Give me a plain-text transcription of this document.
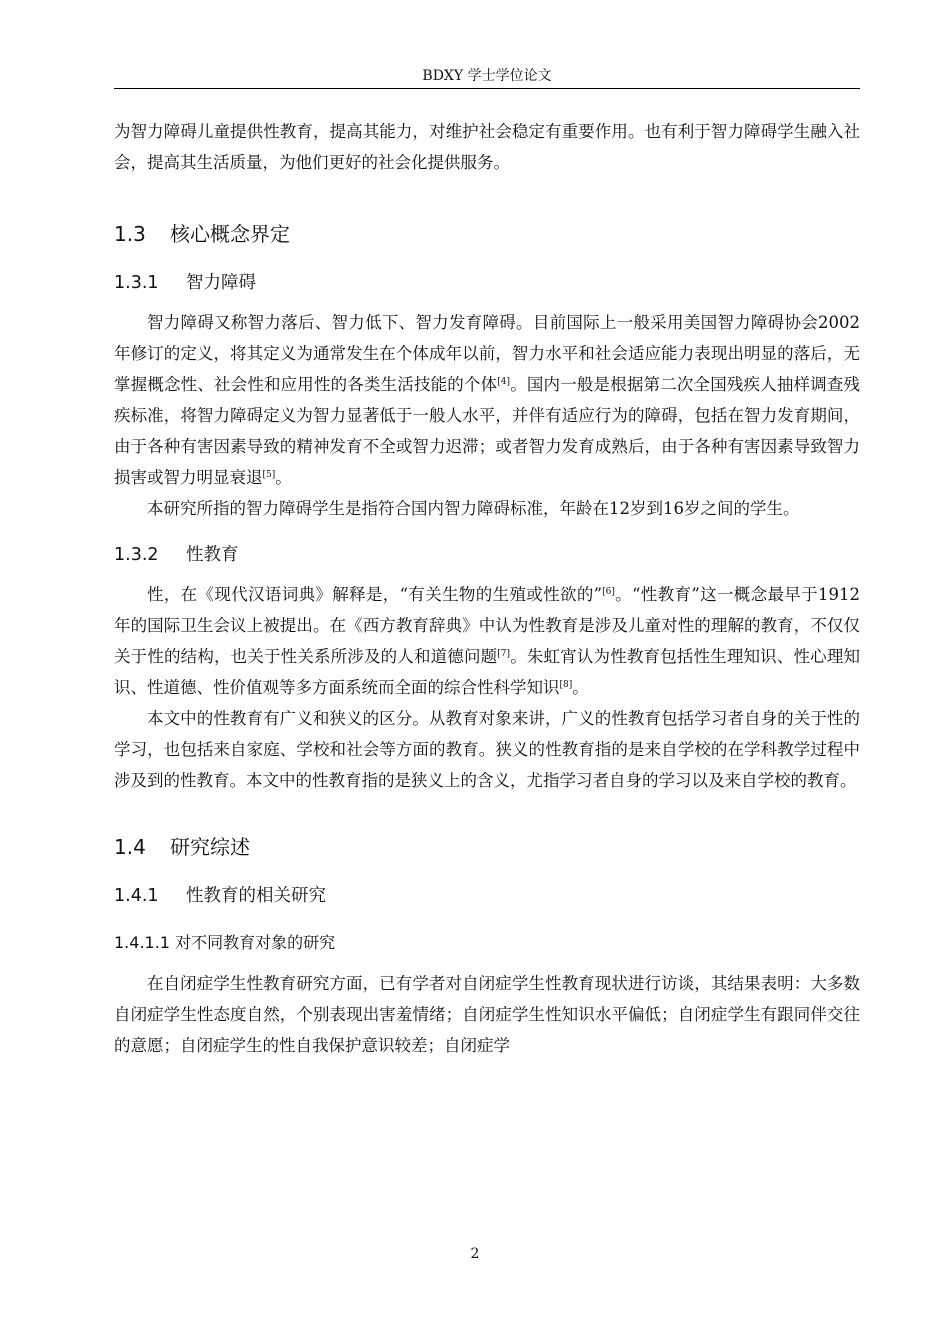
BDXY 学士学位论文

为智力障碍儿童提供性教育，提高其能力，对维护社会稳定有重要作用。也有利于智力障碍学生融入社会，提高其生活质量，为他们更好的社会化提供服务。

1.3 核心概念界定
1.3.1 智力障碍

智力障碍又称智力落后、智力低下、智力发育障碍。目前国际上一般采用美国智力障碍协会2002年修订的定义，将其定义为通常发生在个体成年以前，智力水平和社会适应能力表现出明显的落后，无掌握概念性、社会性和应用性的各类生活技能的个体[4]。国内一般是根据第二次全国残疾人抽样调查残疾标准，将智力障碍定义为智力显著低于一般人水平，并伴有适应行为的障碍，包括在智力发育期间，由于各种有害因素导致的精神发育不全或智力迟滞；或者智力发育成熟后，由于各种有害因素导致智力损害或智力明显衰退[5]。

本研究所指的智力障碍学生是指符合国内智力障碍标准，年龄在12岁到16岁之间的学生。

1.3.2 性教育

性，在《现代汉语词典》解释是，“有关生物的生殖或性欲的”[6]。“性教育”这一概念最早于1912年的国际卫生会议上被提出。在《西方教育辞典》中认为性教育是涉及儿童对性的理解的教育，不仅仅关于性的结构，也关于性关系所涉及的人和道德问题[7]。朱虹宵认为性教育包括性生理知识、性心理知识、性道德、性价值观等多方面系统而全面的综合性科学知识[8]。

本文中的性教育有广义和狭义的区分。从教育对象来讲，广义的性教育包括学习者自身的关于性的学习，也包括来自家庭、学校和社会等方面的教育。狭义的性教育指的是来自学校的在学科教学过程中涉及到的性教育。本文中的性教育指的是狭义上的含义，尤指学习者自身的学习以及来自学校的教育。

1.4 研究综述
1.4.1 性教育的相关研究
1.4.1.1 对不同教育对象的研究

在自闭症学生性教育研究方面，已有学者对自闭症学生性教育现状进行访谈，其结果表明：大多数自闭症学生性态度自然，个别表现出害羞情绪；自闭症学生性知识水平偏低；自闭症学生有跟同伴交往的意愿；自闭症学生的性自我保护意识较差；自闭症学

2
